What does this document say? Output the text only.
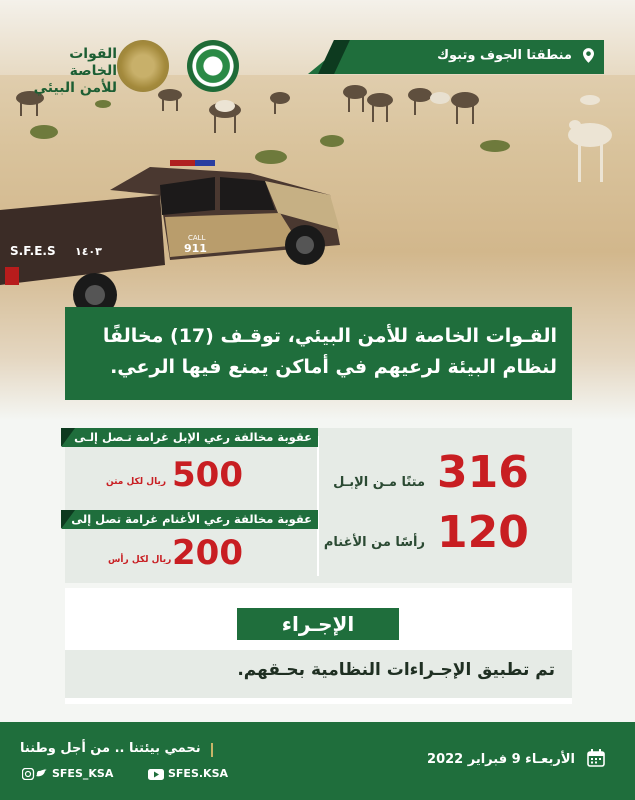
القوات الخاصة
للأمن البيئي
منطقتا الجوف وتبوك
CALL
911
S.F.E.S ١٤٠٣
القـوات الخاصة للأمن البيئي، توقـف (17) مخالفًا لنظام البيئة لرعيهم في أماكن يمنع فيها الرعي.
316
متنًا مـن الإبـل
120
رأسًا من الأغنام
عقوبة مخالفة رعي الإبل غرامة تـصل إلـى
500
ريال لكل متن
عقوبة مخالفة رعي الأغنام غرامة تصل إلى
200
ريال لكل رأس
الإجـراء
تم تطبيق الإجـراءات النظامية بحـقهم.
نحمي بيئتنا .. من أجل وطننا
SFES_KSA	SFES.KSA
الأربعـاء 9 فبراير 2022
